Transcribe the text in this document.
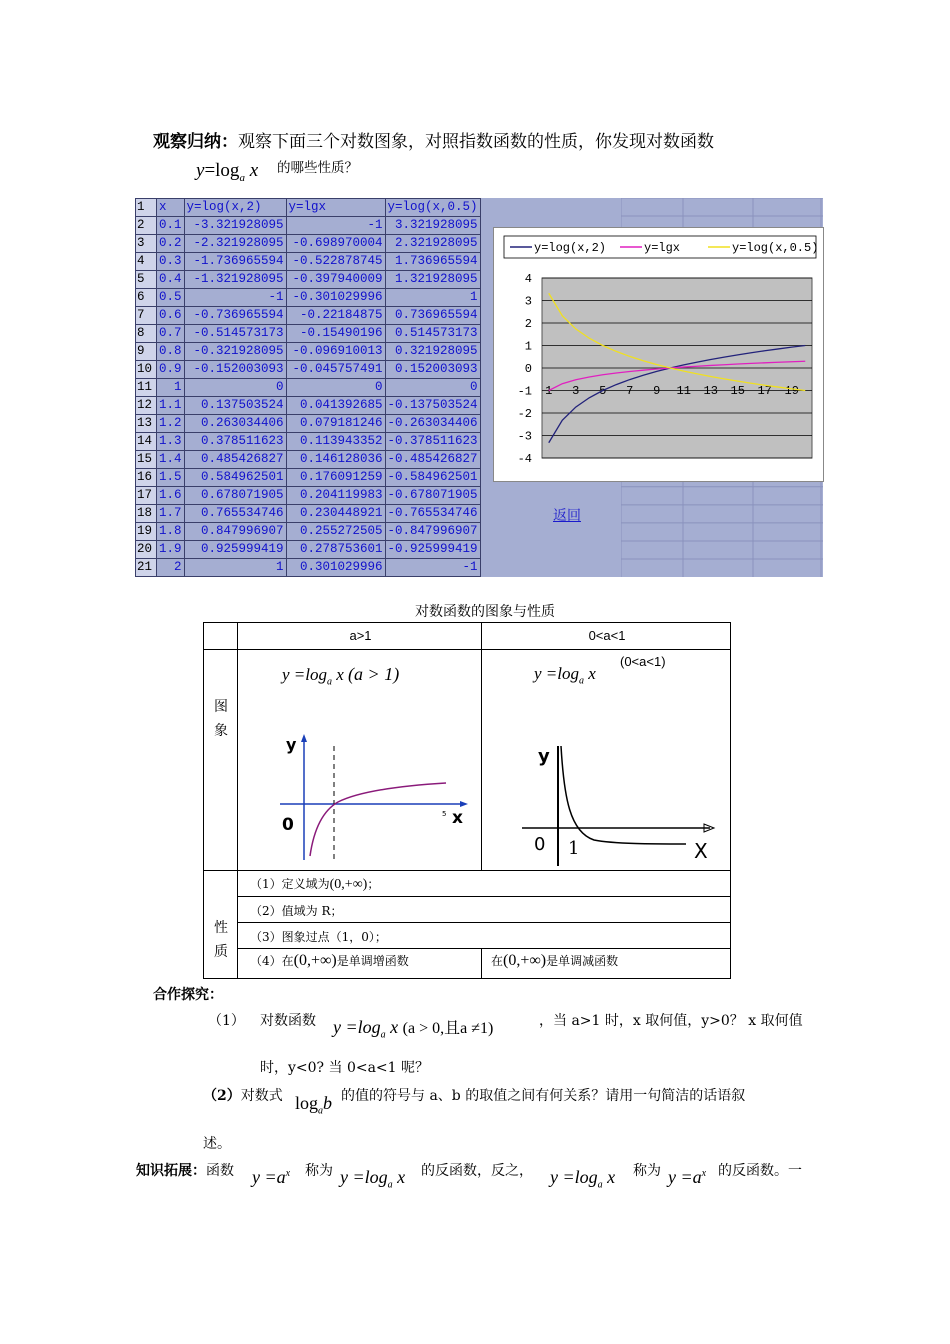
观察归纳：观察下面三个对数图象，对照指数函数的性质，你发现对数函数
$y=\log_a$ x 的哪些性质？
1	x	y=log(x,2)	y=lgx	y=log(x,0.5)
2	0.1	-3.321928095	-1	3.321928095
3	0.2	-2.321928095	-0.698970004	2.321928095
4	0.3	-1.736965594	-0.522878745	1.736965594
5	0.4	-1.321928095	-0.397940009	1.321928095
6	0.5	-1	-0.301029996	1
7	0.6	-0.736965594	-0.22184875	0.736965594
8	0.7	-0.514573173	-0.15490196	0.514573173
9	0.8	-0.321928095	-0.096910013	0.321928095
10	0.9	-0.152003093	-0.045757491	0.152003093
11	1	0	0	0
12	1.1	0.137503524	0.041392685	-0.137503524
13	1.2	0.263034406	0.079181246	-0.263034406
14	1.3	0.378511623	0.113943352	-0.378511623
15	1.4	0.485426827	0.146128036	-0.485426827
16	1.5	0.584962501	0.176091259	-0.584962501
17	1.6	0.678071905	0.204119983	-0.678071905
18	1.7	0.765534746	0.230448921	-0.765534746
19	1.8	0.847996907	0.255272505	-0.847996907
20	1.9	0.925999419	0.278753601	-0.925999419
21	2	1	0.301029996	-1
4
3
2
1
0
-1
-2
-3
-4
1 3 5 7 9 11 13 15 17 19
y=log(x,2)	y=lgx	y=log(x,0.5)
返回
对数函数的图象与性质
a>1	0<a<1
图
象
$y =\log_a$ x (a > 1)
y
x
0
5
$y =\log_a$ x
(0<a<1)
y
X
0 1
性
质
（1）定义域为(0,+∞)；
（2）值域为 R；
（3）图象过点（1，0）；
（4）在(0,+∞)是单调增函数	在(0,+∞)是单调减函数
合作探究：
（1） 对数函数 $y =\log_a$ x (a > 0,且a ≠1)	，当 a>1 时，x 取何值，y>0？ x 取何值
时，y<0? 当 0<a<1 呢？
（2）对数式 $\log_ab$ 的值的符号与 a、b 的取值之间有何关系？请用一句简洁的话语叙
述。
知识拓展：函数 $y =a^x$ 称为 $y =\log_a$ x 的反函数，反之， $y =\log_a$ x 称为 $y =a^x$ 的反函数。一
